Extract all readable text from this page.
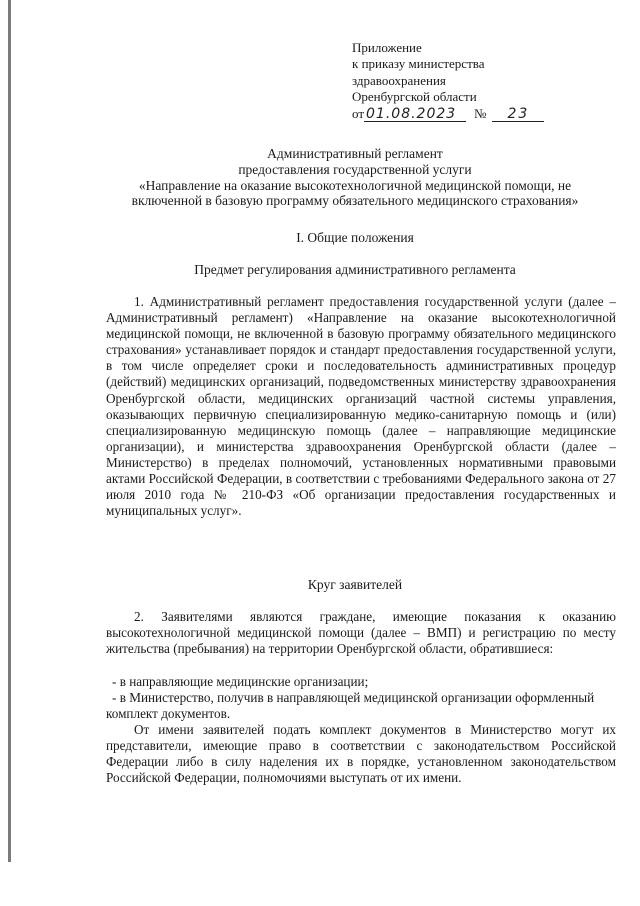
Приложение
к приказу министерства
здравоохранения
Оренбургской области
от 01.08.2023 № 23
Административный регламент
предоставления государственной услуги
«Направление на оказание высокотехнологичной медицинской помощи, не
включенной в базовую программу обязательного медицинского страхования»
I. Общие положения
Предмет регулирования административного регламента

1. Административный регламент предоставления государственной услуги (далее – Административный регламент) «Направление на оказание высокотехнологичной медицинской помощи, не включенной в базовую программу обязательного медицинского страхования» устанавливает порядок и стандарт предоставления государственной услуги, в том числе определяет сроки и последовательность административных процедур (действий) медицинских организаций, подведомственных министерству здравоохранения Оренбургской области, медицинских организаций частной системы управления, оказывающих первичную специализированную медико-санитарную помощь и (или) специализированную медицинскую помощь (далее – направляющие медицинские организации), и министерства здравоохранения Оренбургской области (далее – Министерство) в пределах полномочий, установленных нормативными правовыми актами Российской Федерации, в соответствии с требованиями Федерального закона от 27 июля 2010 года № 210-ФЗ «Об организации предоставления государственных и муниципальных услуг».

Круг заявителей

2. Заявителями являются граждане, имеющие показания к оказанию высокотехнологичной медицинской помощи (далее – ВМП) и регистрацию по месту жительства (пребывания) на территории Оренбургской области, обратившиеся:

- в направляющие медицинские организации;
- в Министерство, получив в направляющей медицинской организации оформленный комплект документов.

От имени заявителей подать комплект документов в Министерство могут их представители, имеющие право в соответствии с законодательством Российской Федерации либо в силу наделения их в порядке, установленном законодательством Российской Федерации, полномочиями выступать от их имени.
